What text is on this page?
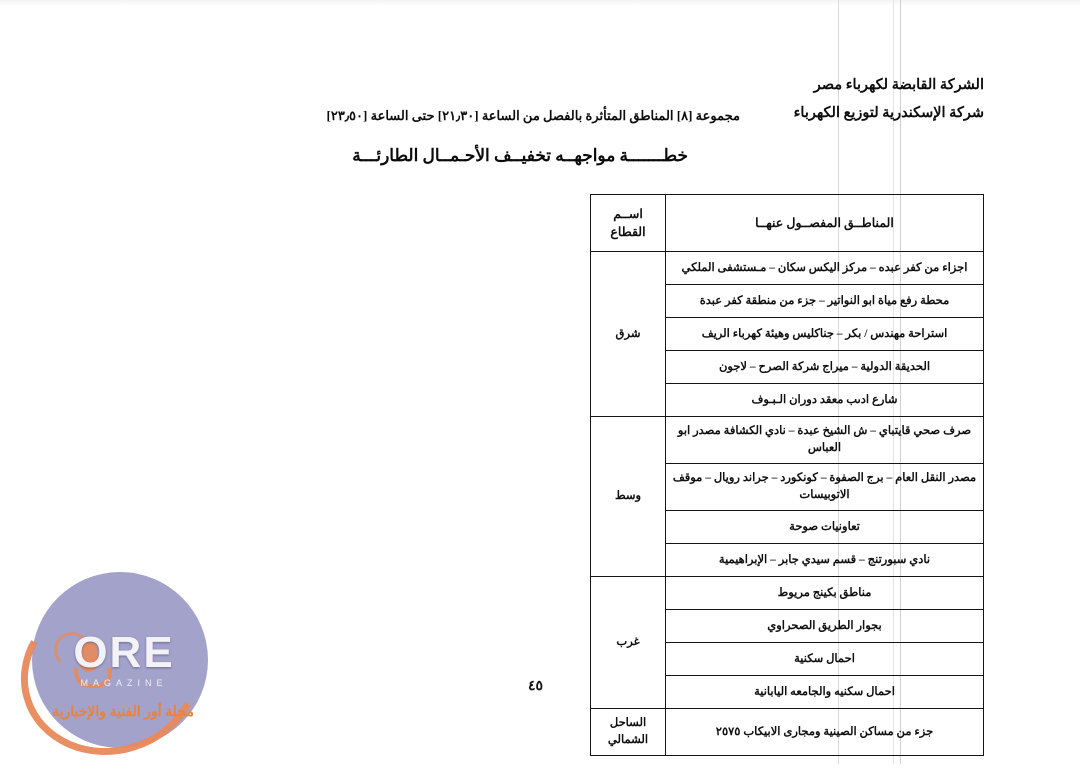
الشركة القابضة لكهرباء مصر
شركة الإسكندرية لتوزيع الكهرباء
مجموعة [٨] المناطق المتأثرة بالفصل من الساعة [٢١٫٣٠] حتى الساعة [٢٣٫٥٠]
خطـــــــة مواجهــه تخفيــف الأحـمــال الطارئـــة
المناطــق المفصــول عنهــا	اســم القطاع
اجزاء من كفر عبده – مركز اليكس سكان – مـستشفى الملكي	شرق
محطة رفع مياة ابو النواتير – جزء من منطقة كفر عبدة	
استراحة مهندس / بكر – جناكليس وهيئة كهرباء الريف	
الحديقة الدولية – ميراج شركة الصرح – لاجون	
شارع ادىب معقد دوران الـبـوف	
صرف صحي قايتباي – ش الشيخ عبدة – نادي الكشافة مصدر ابو العباس	وسط
مصدر النقل العام – برج الصفوة – كونكورد – جراند رويال – موقف الاتوبيسات	
تعاونيات صوحة	
نادي سبورتنج – قسم سيدي جابر – الإبراهيمية	
مناطق بكينج مريوط	غرب
بجوار الطريق الصحراوي	
احمال سكنية	
احمال سكنيه والجامعه اليابانية	
جزء من مساكن الصينية ومجارى الابيكاب ٢٥٧٥	الساحل الشمالي
٤٥
ORE
MAGAZINE
مجلة أور الفنية والإخبارية
